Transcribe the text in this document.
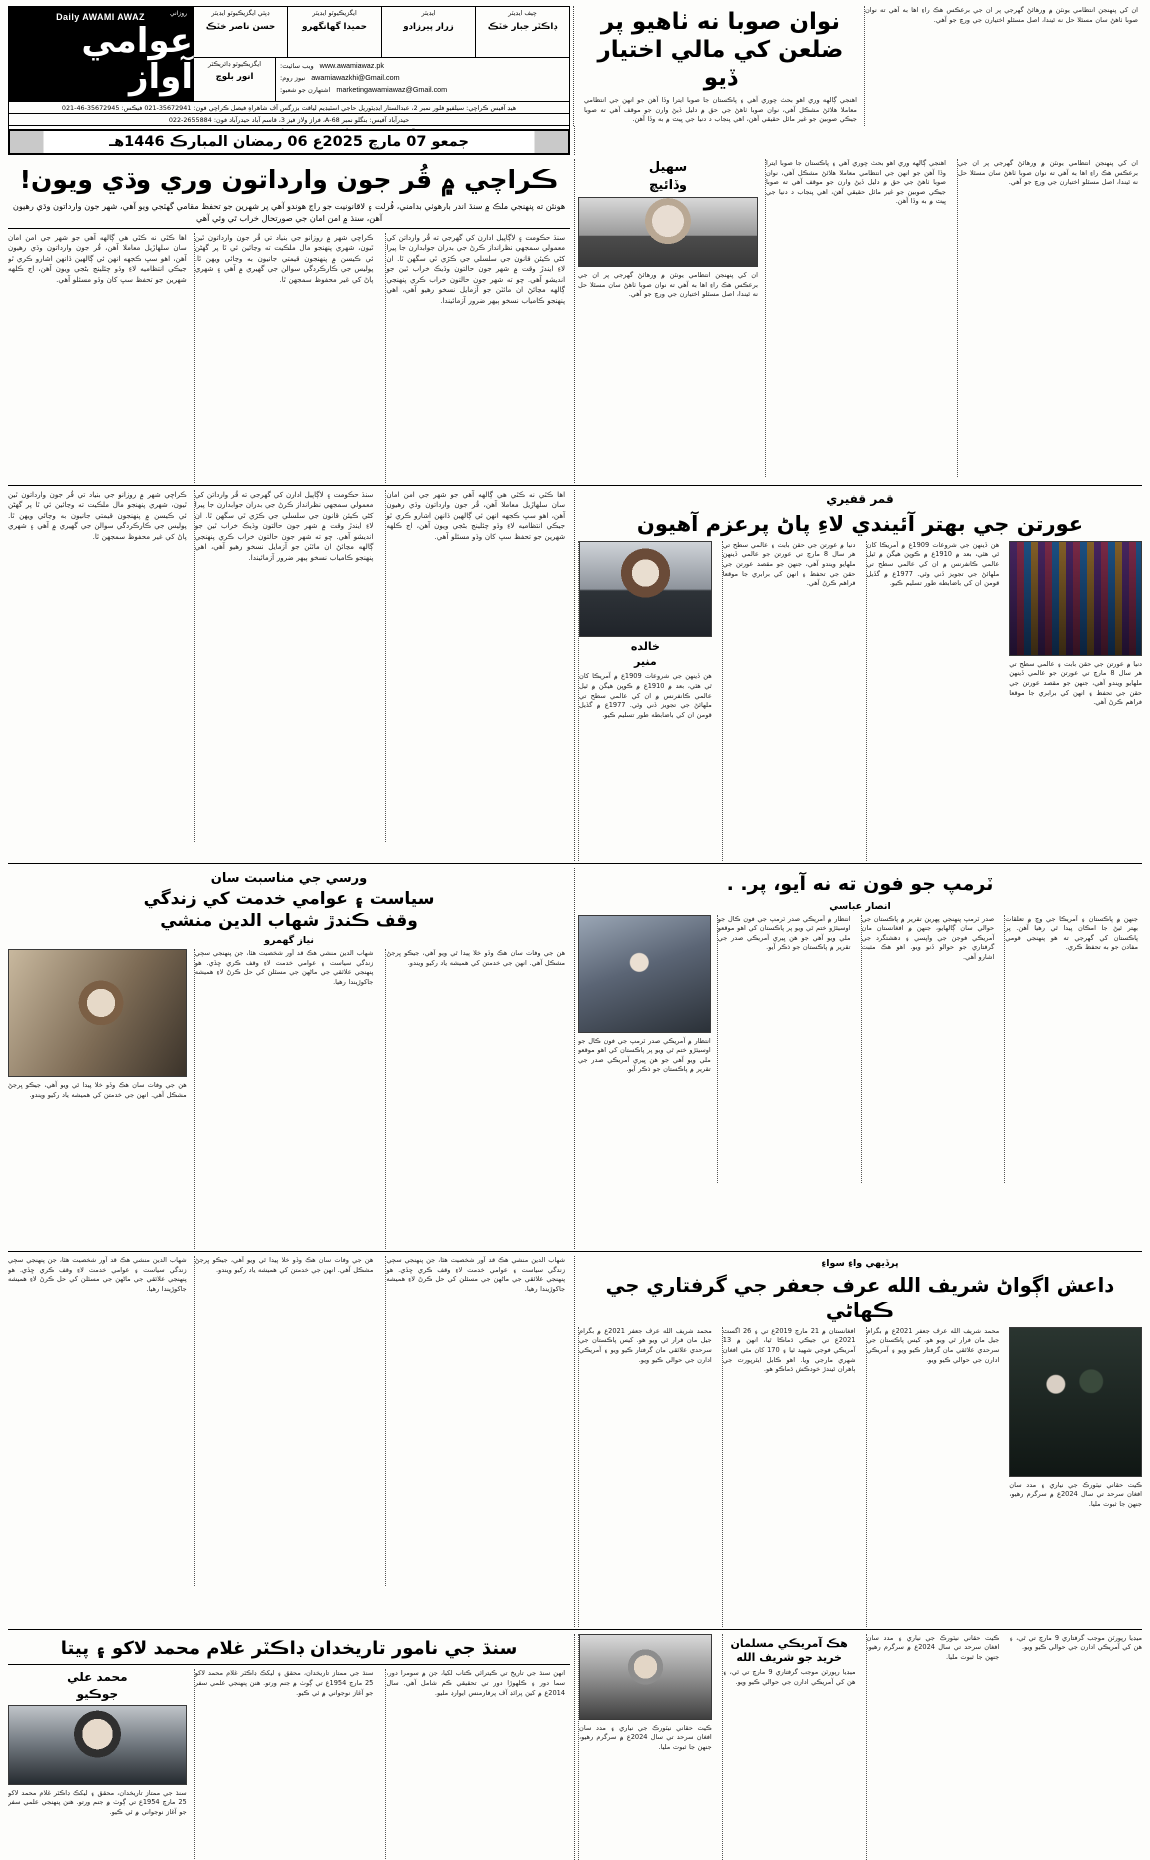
ان کي پنهنجن انتظامي يونٽن ۾ ورهائڻ گهرجي پر ان جي برعڪس هڪ راءِ اها به آهي ته نوان صوبا ٺاهڻ سان مسئلا حل نه ٿيندا، اصل مسئلو اختيارن جي ورڇ جو آهي.
نوان صوبا نه ٺاهيو پر ضلعن کي مالي اختيار ڏيو
اهنجي ڳالهه وري اهو بحث چوري آهي ۽ پاڪستان جا صوبا ايترا وڏا آهن جو انهن جي انتظامي معاملا هلائڻ مشڪل آهي، نوان صوبا ٺاهڻ جي حق ۾ دليل ڏيڻ وارن جو موقف آهي ته صوبا جيڪي صوبين جو غير مائل حقيقي آهن، اهي پنجاب د دنيا جي ڀيٽ ۾ به وڏا آهن.
چيف ايڊيٽر
ڊاڪٽر جبار خٽڪ
ايڊيٽر
زرار پيرزادو
ايگزيڪيوٽو ايڊيٽر
حميدا گهانگهرو
ڊپٽي ايگزيڪيوٽو ايڊيٽر
حسن ناصر خٽڪ
www.awamiawaz.pk
ويب سائيٽ:
awamiawazkhi@Gmail.com
نيوز روم:
marketingawamiawaz@Gmail.com
اشتهارن جو شعبو:
ايگزيڪيوٽو ڊائريڪٽر
انور بلوچ
روزاني
Daily AWAMI AWAZ
عوامي آواز
هيڊ آفيس ڪراچي: سيلفيو فلور نمبر 2، عبدالستار ايڊيٽوريل حاجي اسٽيڊيم لياقت بزرگس آف شاهراهِ فيصل ڪراچي فون: 35672941-021 فيڪس: 35672945-46-021
حيدرآباد آفيس: بنگلو نمبر 68-A، فراز ولاز فيز 3، قاسم آباد حيدرآباد فون: 2655884-022
جمعو 07 مارچ 2025ع 06 رمضان المبارڪ 1446هـ
ان کي پنهنجن انتظامي يونٽن ۾ ورهائڻ گهرجي پر ان جي برعڪس هڪ راءِ اها به آهي ته نوان صوبا ٺاهڻ سان مسئلا حل نه ٿيندا، اصل مسئلو اختيارن جي ورڇ جو آهي.
اهنجي ڳالهه وري اهو بحث چوري آهي ۽ پاڪستان جا صوبا ايترا وڏا آهن جو انهن جي انتظامي معاملا هلائڻ مشڪل آهي، نوان صوبا ٺاهڻ جي حق ۾ دليل ڏيڻ وارن جو موقف آهي ته صوبا جيڪي صوبين جو غير مائل حقيقي آهن، اهي پنجاب د دنيا جي ڀيٽ ۾ به وڏا آهن.
سهيل
وڏائيچ
ان کي پنهنجن انتظامي يونٽن ۾ ورهائڻ گهرجي پر ان جي برعڪس هڪ راءِ اها به آهي ته نوان صوبا ٺاهڻ سان مسئلا حل نه ٿيندا، اصل مسئلو اختيارن جي ورڇ جو آهي.
ڪراچي ۾ قُر جون وارداتون وري وڌي ويون!
هونئن ته پنهنجي ملڪ ۾ سنڌ اندر بارهوٺي بدامني، قُرلت ۽ لاقانونيت جو راڄ هوندو آهي پر شهرين جو تحفظ مقامي گهٽجي ويو آهي، شهر جون وارداتون وڌي رهيون آهن، سنڌ ۾ امن امان جي صورتحال خراب ٿي وئي آهي
سنڌ حڪومت ۽ لاڳاپيل ادارن کي گهرجي ته قُر وارداتن کي معمولي سمجهي نظرانداز ڪرڻ جي بدران جوابدارن جا پيرا کڻي ڪيئن قانون جي سلسلي جي ڪڙي ٿي سگهن ٿا. ان لاءِ ايندڙ وقت ۾ شهر جون حالتون وڌيڪ خراب ٿين جو انديشو آهي. چو ته شهر جون حالتون خراب ڪري پنهنجي ڳالهه مڃائڻ ان مائٽن جو آزمايل نسخو رهيو آهي، اهي پنهنجو ڪامياب نسخو ٻيهر ضرور آزمائيندا.
ڪراچي شهر ۾ روزانو جي بنياد تي قُر جون وارداتون ٿين ٿيون، شهري پنهنجو مال ملڪيت ته وڃائين ئي ٿا پر گهڻن ئي ڪيسن ۾ پنهنجون قيمتي جانيون به وڃائي ويهن ٿا. پوليس جي ڪارڪردگي سوالن جي گهيري ۾ آهي ۽ شهري پاڻ کي غير محفوظ سمجهن ٿا.
اها ڪٿي نه ڪٿي هي ڳالهه آهي جو شهر جي امن امان سان سلهاڙيل معاملا آهن، قُر جون وارداتون وڌي رهيون آهن، اهو سڀ ڪجهه انهن ئي ڳالهين ڏانهن اشارو ڪري ٿو جيڪي انتظاميه لاءِ وڏو چئلينج بڻجي ويون آهن، اڄ ڪلهه شهرين جو تحفظ سڀ کان وڏو مسئلو آهي.
قمر قفيري
عورتن جي بهتر آئيندي لاءِ پاڻ پرعزم آهيون
دنيا ۾ عورتن جي حقن بابت ۽ عالمي سطح تي هر سال 8 مارچ تي عورتن جو عالمي ڏينهن ملهايو ويندو آهي، جنهن جو مقصد عورتن جي حقن جي تحفظ ۽ انهن کي برابري جا موقعا فراهم ڪرڻ آهي.
هن ڏينهن جي شروعات 1909ع ۾ آمريڪا کان ٿي هئي، بعد ۾ 1910ع ۾ ڪوپن هيگن ۾ ٿيل عالمي ڪانفرنس ۾ ان کي عالمي سطح تي ملهائڻ جي تجويز ڏني وئي. 1977ع ۾ گڏيل قومن ان کي باضابطه طور تسليم ڪيو.
دنيا ۾ عورتن جي حقن بابت ۽ عالمي سطح تي هر سال 8 مارچ تي عورتن جو عالمي ڏينهن ملهايو ويندو آهي، جنهن جو مقصد عورتن جي حقن جي تحفظ ۽ انهن کي برابري جا موقعا فراهم ڪرڻ آهي.
خالده
منير
هن ڏينهن جي شروعات 1909ع ۾ آمريڪا کان ٿي هئي، بعد ۾ 1910ع ۾ ڪوپن هيگن ۾ ٿيل عالمي ڪانفرنس ۾ ان کي عالمي سطح تي ملهائڻ جي تجويز ڏني وئي. 1977ع ۾ گڏيل قومن ان کي باضابطه طور تسليم ڪيو.
اها ڪٿي نه ڪٿي هي ڳالهه آهي جو شهر جي امن امان سان سلهاڙيل معاملا آهن، قُر جون وارداتون وڌي رهيون آهن، اهو سڀ ڪجهه انهن ئي ڳالهين ڏانهن اشارو ڪري ٿو جيڪي انتظاميه لاءِ وڏو چئلينج بڻجي ويون آهن، اڄ ڪلهه شهرين جو تحفظ سڀ کان وڏو مسئلو آهي.
سنڌ حڪومت ۽ لاڳاپيل ادارن کي گهرجي ته قُر وارداتن کي معمولي سمجهي نظرانداز ڪرڻ جي بدران جوابدارن جا پيرا کڻي ڪيئن قانون جي سلسلي جي ڪڙي ٿي سگهن ٿا. ان لاءِ ايندڙ وقت ۾ شهر جون حالتون وڌيڪ خراب ٿين جو انديشو آهي. چو ته شهر جون حالتون خراب ڪري پنهنجي ڳالهه مڃائڻ ان مائٽن جو آزمايل نسخو رهيو آهي، اهي پنهنجو ڪامياب نسخو ٻيهر ضرور آزمائيندا.
ڪراچي شهر ۾ روزانو جي بنياد تي قُر جون وارداتون ٿين ٿيون، شهري پنهنجو مال ملڪيت ته وڃائين ئي ٿا پر گهڻن ئي ڪيسن ۾ پنهنجون قيمتي جانيون به وڃائي ويهن ٿا. پوليس جي ڪارڪردگي سوالن جي گهيري ۾ آهي ۽ شهري پاڻ کي غير محفوظ سمجهن ٿا.
ٽرمپ جو فون ته نه آيو، پر. .
انصار عباسي
جنهن ۾ پاڪستان ۽ آمريڪا جي وچ ۾ تعلقات بهتر ٿيڻ جا امڪان پيدا ٿي رهيا آهن. پر پاڪستان کي گهرجي ته هو پنهنجي قومي مفادن جو به تحفظ ڪري.
صدر ٽرمپ پنهنجي پهرين تقرير ۾ پاڪستان جي حوالي سان ڳالهايو، جنهن ۾ افغانستان مان آمريڪي فوجن جي واپسي ۽ دهشتگرد جي گرفتاري جو حوالو ڏنو ويو. اهو هڪ مثبت اشارو آهي.
انتظار ۾ آمريڪي صدر ٽرمپ جي فون ڪال جو اوسيئڙو ختم ٿي ويو پر پاڪستان کي اهو موقعو ملي ويو آهي جو هن ڀيري آمريڪي صدر جي تقرير ۾ پاڪستان جو ذڪر آيو.
انتظار ۾ آمريڪي صدر ٽرمپ جي فون ڪال جو اوسيئڙو ختم ٿي ويو پر پاڪستان کي اهو موقعو ملي ويو آهي جو هن ڀيري آمريڪي صدر جي تقرير ۾ پاڪستان جو ذڪر آيو.
ورسي جي مناسبت سان
سياست ۽ عوامي خدمت کي زندگي
وقف ڪندڙ شهاب الدين منشي
نياز گهمرو
هن جي وفات سان هڪ وڏو خلا پيدا ٿي ويو آهي، جيڪو ڀرجڻ مشڪل آهي. انهن جي خدمتن کي هميشه ياد رکيو ويندو.
شهاب الدين منشي هڪ قد آور شخصيت هئا، جن پنهنجي سڄي زندگي سياست ۽ عوامي خدمت لاءِ وقف ڪري ڇڏي. هو پنهنجي علائقي جي ماڻهن جي مسئلن کي حل ڪرڻ لاءِ هميشه جاکوڙيندا رهيا.
هن جي وفات سان هڪ وڏو خلا پيدا ٿي ويو آهي، جيڪو ڀرجڻ مشڪل آهي. انهن جي خدمتن کي هميشه ياد رکيو ويندو.
پرڏيهي واءِ سواءِ
داعش اڳواڻ شريف الله عرف جعفر جي گرفتاري جي ڪهاڻي
ڪيت حقاني نيٽورڪ جي نياري ۽ مدد سان افغان سرحد تي سال 2024ع ۾ سرگرم رهيو، جنهن جا ثبوت مليا.
محمد شريف الله عرف جعفر 2021ع ۾ بگرام جيل مان فرار ٿي ويو هو. کيس پاڪستان جي سرحدي علائقي مان گرفتار ڪيو ويو ۽ آمريڪي ادارن جي حوالي ڪيو ويو.
افغانستان ۾ 21 مارچ 2019ع تي ۽ 26 اگسٽ 2021ع تي جيڪي ڌماڪا ٿيا، انهن ۾ 13 آمريڪي فوجي شهيد ٿيا ۽ 170 کان مٿي افغان شهري مارجي ويا. اهو ڪابل ايئرپورٽ جي ٻاهران ٿيندڙ خودڪش ڌماڪو هو.
محمد شريف الله عرف جعفر 2021ع ۾ بگرام جيل مان فرار ٿي ويو هو. کيس پاڪستان جي سرحدي علائقي مان گرفتار ڪيو ويو ۽ آمريڪي ادارن جي حوالي ڪيو ويو.
شهاب الدين منشي هڪ قد آور شخصيت هئا، جن پنهنجي سڄي زندگي سياست ۽ عوامي خدمت لاءِ وقف ڪري ڇڏي. هو پنهنجي علائقي جي ماڻهن جي مسئلن کي حل ڪرڻ لاءِ هميشه جاکوڙيندا رهيا.
هن جي وفات سان هڪ وڏو خلا پيدا ٿي ويو آهي، جيڪو ڀرجڻ مشڪل آهي. انهن جي خدمتن کي هميشه ياد رکيو ويندو.
شهاب الدين منشي هڪ قد آور شخصيت هئا، جن پنهنجي سڄي زندگي سياست ۽ عوامي خدمت لاءِ وقف ڪري ڇڏي. هو پنهنجي علائقي جي ماڻهن جي مسئلن کي حل ڪرڻ لاءِ هميشه جاکوڙيندا رهيا.
ميڊيا رپورٽن موجب گرفتاري 9 مارچ تي ٿي، ۽ هن کي آمريڪي ادارن جي حوالي ڪيو ويو.
ڪيت حقاني نيٽورڪ جي نياري ۽ مدد سان افغان سرحد تي سال 2024ع ۾ سرگرم رهيو، جنهن جا ثبوت مليا.
هڪ آمريڪي مسلمان خريد جو شريف الله
ميڊيا رپورٽن موجب گرفتاري 9 مارچ تي ٿي، ۽ هن کي آمريڪي ادارن جي حوالي ڪيو ويو.
ڪيت حقاني نيٽورڪ جي نياري ۽ مدد سان افغان سرحد تي سال 2024ع ۾ سرگرم رهيو، جنهن جا ثبوت مليا.
سنڌ جي نامور تاريخدان ڊاڪٽر غلام محمد لاکو ۽ پيتا
انهن سنڌ جي تاريخ تي ڪيترائي ڪتاب لکيا، جن ۾ سومرا دور، سما دور ۽ ڪلهوڙا دور تي تحقيقي ڪم شامل آهي. سال 2014ع ۾ کين پرائڊ آف پرفارمنس ايوارڊ مليو.
سنڌ جي ممتاز تاريخدان، محقق ۽ ليکڪ ڊاڪٽر غلام محمد لاکو 25 مارچ 1954ع تي ڳوٺ ۾ جنم ورتو. هنن پنهنجي علمي سفر جو آغاز نوجواني ۾ ئي ڪيو.
محمد علي
جوڪيو
سنڌ جي ممتاز تاريخدان، محقق ۽ ليکڪ ڊاڪٽر غلام محمد لاکو 25 مارچ 1954ع تي ڳوٺ ۾ جنم ورتو. هنن پنهنجي علمي سفر جو آغاز نوجواني ۾ ئي ڪيو.
